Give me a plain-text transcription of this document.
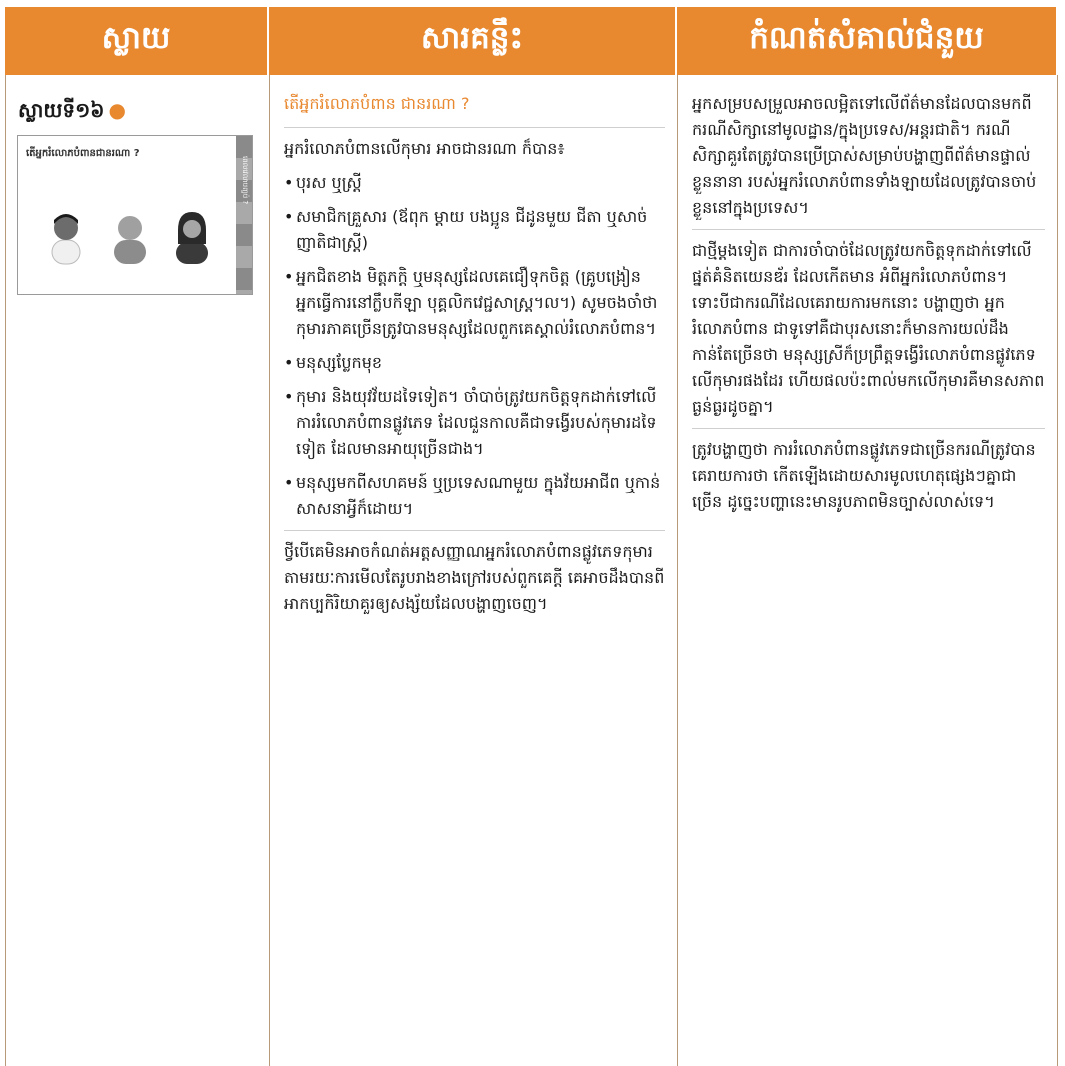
ស្លាយ	សារគន្លឹះ	កំណត់សំគាល់ជំនួយ
ស្លាយទី១៦ ●
តើអ្នករំលោភបំពានជានរណា ?
ពេលវេលាបញ្ចប់ ?

តើអ្នករំលោភបំពាន ជានរណា ?

អ្នករំលោភបំពានលើកុមារ អាចជានរណា ក៏បាន៖

• បុរស ឬស្ត្រី
• សមាជិកគ្រួសារ (ឪពុក ម្តាយ បងប្អូន ជីដូនមួយ ជីតា ឬសាច់ញាតិជាស្ត្រី)
• អ្នកជិតខាង មិត្តភក្តិ ឬមនុស្សដែលគេជឿទុកចិត្ត (គ្រូបង្រៀន អ្នកធ្វើការនៅក្លឹបកីឡា បុគ្គលិកវេជ្ជសាស្ត្រ។ល។) សូមចងចាំថា កុមារភាគច្រើនត្រូវបានមនុស្សដែលពួកគេស្គាល់រំលោភបំពាន។
• មនុស្សប្លែកមុខ
• កុមារ និងយុវវ័យដទៃទៀត។ ចាំបាច់ត្រូវយកចិត្តទុកដាក់ទៅលើការរំលោភបំពានផ្លូវភេទ ដែលជួនកាលគឺជាទង្វើរបស់កុមារដទៃទៀត ដែលមានអាយុច្រើនជាង។
• មនុស្សមកពីសហគមន៍ ឬប្រទេសណាមួយ ក្នុងវ័យអាជីព ឬកាន់សាសនាអ្វីក៏ដោយ។

ថ្វីបើគេមិនអាចកំណត់អត្តសញ្ញាណអ្នករំលោភបំពានផ្លូវភេទកុមារ តាមរយៈការមើលតែរូបរាងខាងក្រៅរបស់ពួកគេក្តី គេអាចដឹងបានពីអាកប្បកិរិយាគួរឲ្យសង្ស័យដែលបង្ហាញចេញ។

អ្នកសម្របសម្រួលអាចលម្អិតទៅលើព័ត៌មានដែលបានមកពីករណីសិក្សានៅមូលដ្ឋាន/ក្នុងប្រទេស/អន្តរជាតិ។ ករណីសិក្សាគួរតែត្រូវបានប្រើប្រាស់សម្រាប់បង្ហាញពីព័ត៌មានផ្ទាល់ខ្លួននានា របស់អ្នករំលោភបំពានទាំងឡាយដែលត្រូវបានចាប់ខ្លួននៅក្នុងប្រទេស។

ជាថ្មីម្តងទៀត ជាការចាំបាច់ដែលត្រូវយកចិត្តទុកដាក់ទៅលើផ្នត់គំនិតយេនឌ័រ ដែលកើតមាន អំពីអ្នករំលោភបំពាន។ ទោះបីជាករណីដែលគេរាយការមកនោះ បង្ហាញថា អ្នករំលោភបំពាន ជាទូទៅគឺជាបុរសនោះក៏មានការយល់ដឹងកាន់តែច្រើនថា មនុស្សស្រីក៏ប្រព្រឹត្តទង្វើរំលោភបំពានផ្លូវភេទលើកុមារផងដែរ ហើយផលប៉ះពាល់មកលើកុមារគឺមានសភាពធ្ងន់ធ្ងរដូចគ្នា។

ត្រូវបង្ហាញថា ការរំលោភបំពានផ្លូវភេទជាច្រើនករណីត្រូវបានគេរាយការថា កើតឡើងដោយសារមូលហេតុផ្សេងៗគ្នាជាច្រើន ដូច្នេះបញ្ហានេះមានរូបភាពមិនច្បាស់លាស់ទេ។
